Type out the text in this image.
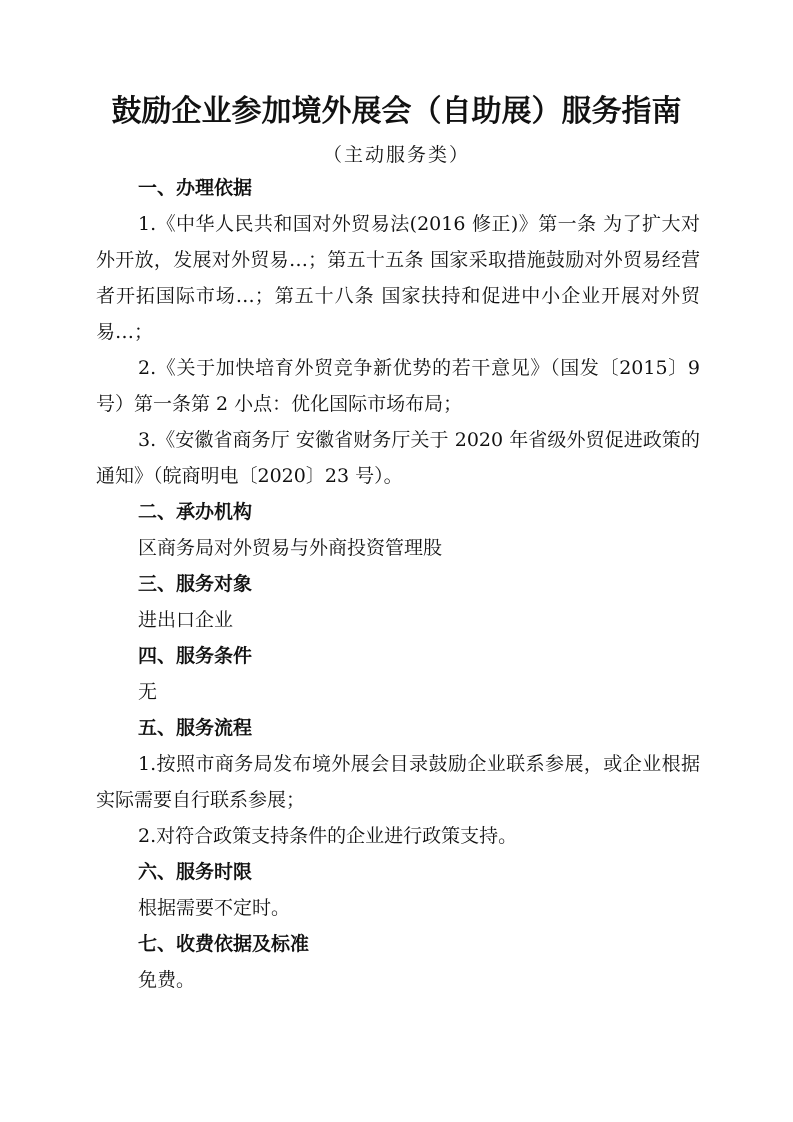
鼓励企业参加境外展会（自助展）服务指南
（主动服务类）
一、办理依据

1.《中华人民共和国对外贸易法(2016 修正)》第一条 为了扩大对外开放，发展对外贸易…；第五十五条 国家采取措施鼓励对外贸易经营者开拓国际市场…；第五十八条 国家扶持和促进中小企业开展对外贸易…；

2.《关于加快培育外贸竞争新优势的若干意见》（国发〔2015〕9 号）第一条第 2 小点：优化国际市场布局；

3.《安徽省商务厅 安徽省财务厅关于 2020 年省级外贸促进政策的通知》（皖商明电〔2020〕23 号）。

二、承办机构

区商务局对外贸易与外商投资管理股

三、服务对象

进出口企业

四、服务条件

无

五、服务流程

1.按照市商务局发布境外展会目录鼓励企业联系参展，或企业根据实际需要自行联系参展；

2.对符合政策支持条件的企业进行政策支持。

六、服务时限

根据需要不定时。

七、收费依据及标准

免费。
